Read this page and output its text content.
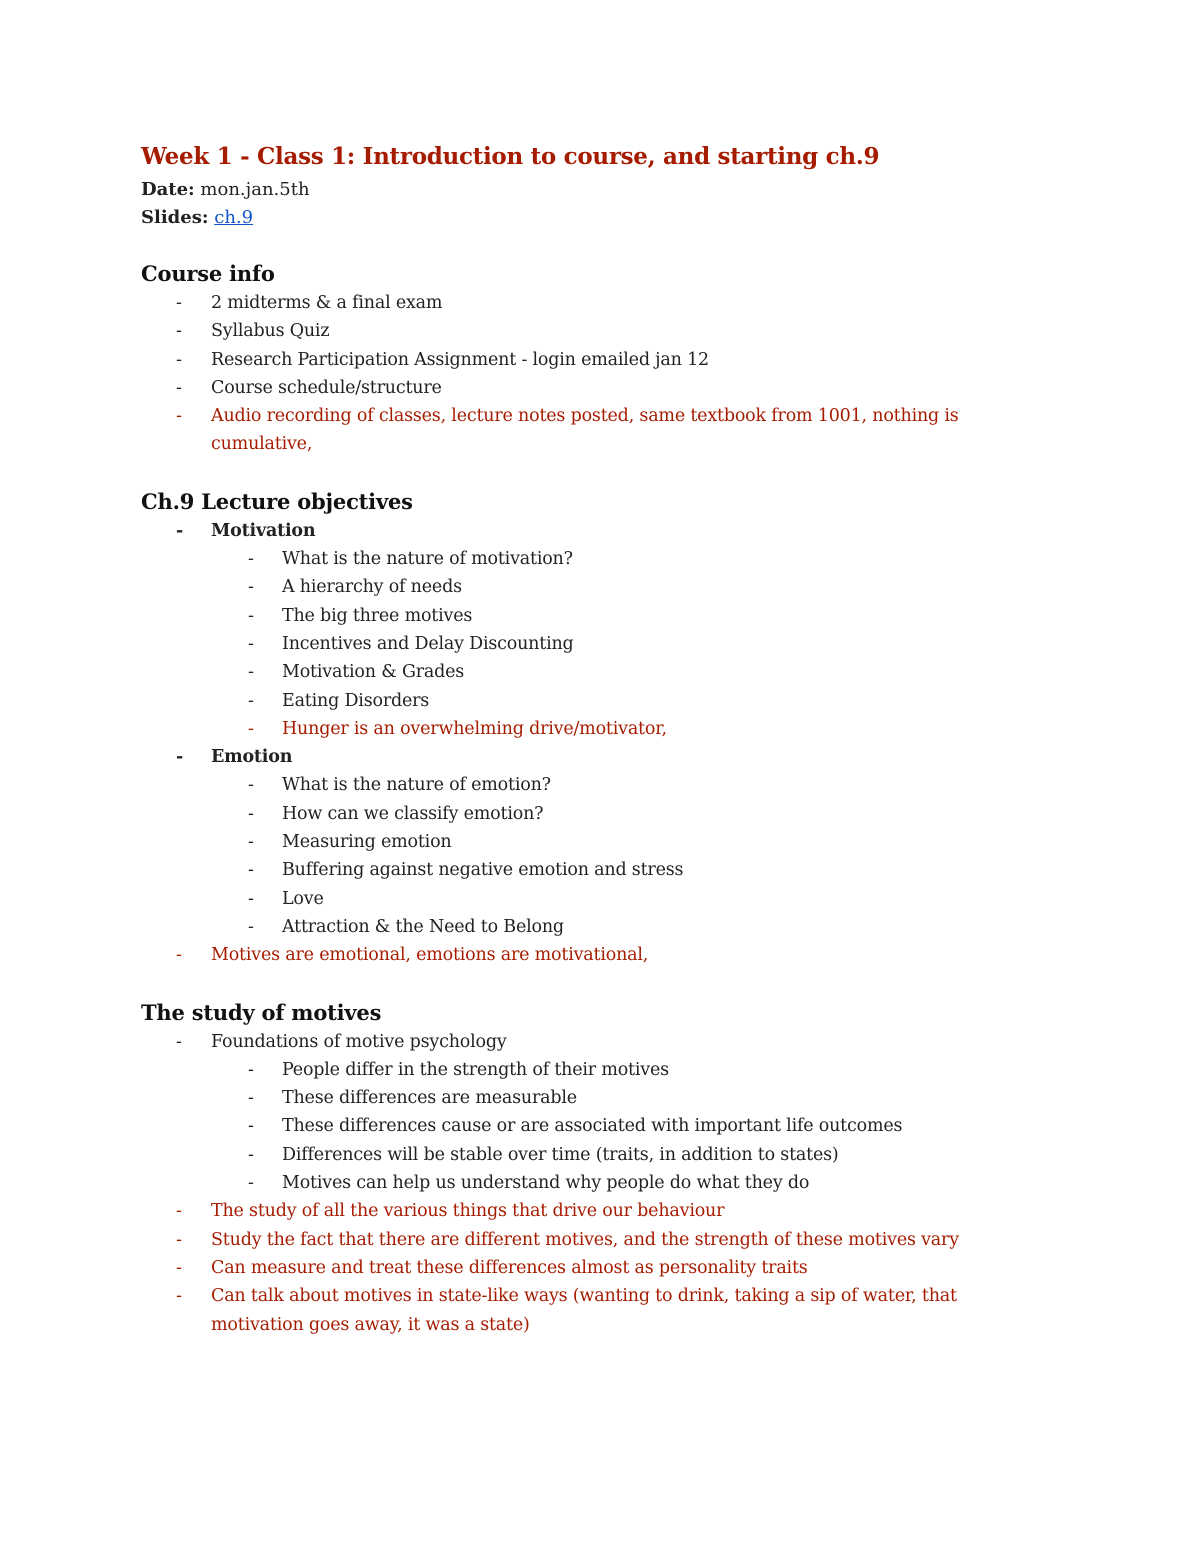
Week 1 - Class 1: Introduction to course, and starting ch.9
Date: mon.jan.5th
Slides: ch.9
Course info
- 2 midterms & a final exam
- Syllabus Quiz
- Research Participation Assignment - login emailed jan 12
- Course schedule/structure
- Audio recording of classes, lecture notes posted, same textbook from 1001, nothing is cumulative,
Ch.9 Lecture objectives
- Motivation
- What is the nature of motivation?
- A hierarchy of needs
- The big three motives
- Incentives and Delay Discounting
- Motivation & Grades
- Eating Disorders
- Hunger is an overwhelming drive/motivator,
- Emotion
- What is the nature of emotion?
- How can we classify emotion?
- Measuring emotion
- Buffering against negative emotion and stress
- Love
- Attraction & the Need to Belong
- Motives are emotional, emotions are motivational,
The study of motives
- Foundations of motive psychology
- People differ in the strength of their motives
- These differences are measurable
- These differences cause or are associated with important life outcomes
- Differences will be stable over time (traits, in addition to states)
- Motives can help us understand why people do what they do
- The study of all the various things that drive our behaviour
- Study the fact that there are different motives, and the strength of these motives vary
- Can measure and treat these differences almost as personality traits
- Can talk about motives in state-like ways (wanting to drink, taking a sip of water, that motivation goes away, it was a state)
